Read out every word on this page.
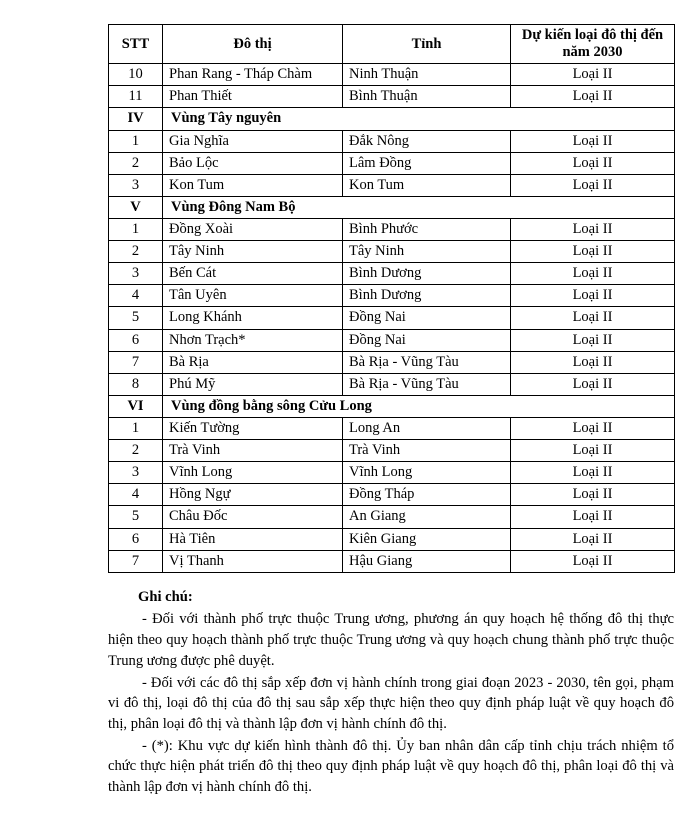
STT	Đô thị	Tỉnh	Dự kiến loại đô thị đến năm 2030
10	Phan Rang - Tháp Chàm	Ninh Thuận	Loại II
11	Phan Thiết	Bình Thuận	Loại II
IV	Vùng Tây nguyên		
1	Gia Nghĩa	Đắk Nông	Loại II
2	Bảo Lộc	Lâm Đồng	Loại II
3	Kon Tum	Kon Tum	Loại II
V	Vùng Đông Nam Bộ		
1	Đồng Xoài	Bình Phước	Loại II
2	Tây Ninh	Tây Ninh	Loại II
3	Bến Cát	Bình Dương	Loại II
4	Tân Uyên	Bình Dương	Loại II
5	Long Khánh	Đồng Nai	Loại II
6	Nhơn Trạch*	Đồng Nai	Loại II
7	Bà Rịa	Bà Rịa - Vũng Tàu	Loại II
8	Phú Mỹ	Bà Rịa - Vũng Tàu	Loại II
VI	Vùng đồng bằng sông Cửu Long		
1	Kiến Tường	Long An	Loại II
2	Trà Vinh	Trà Vinh	Loại II
3	Vĩnh Long	Vĩnh Long	Loại II
4	Hồng Ngự	Đồng Tháp	Loại II
5	Châu Đốc	An Giang	Loại II
6	Hà Tiên	Kiên Giang	Loại II
7	Vị Thanh	Hậu Giang	Loại II
Ghi chú:

- Đối với thành phố trực thuộc Trung ương, phương án quy hoạch hệ thống đô thị thực hiện theo quy hoạch thành phố trực thuộc Trung ương và quy hoạch chung thành phố trực thuộc Trung ương được phê duyệt.

- Đối với các đô thị sắp xếp đơn vị hành chính trong giai đoạn 2023 - 2030, tên gọi, phạm vi đô thị, loại đô thị của đô thị sau sắp xếp thực hiện theo quy định pháp luật về quy hoạch đô thị, phân loại đô thị và thành lập đơn vị hành chính đô thị.

- (*): Khu vực dự kiến hình thành đô thị. Ủy ban nhân dân cấp tỉnh chịu trách nhiệm tổ chức thực hiện phát triển đô thị theo quy định pháp luật về quy hoạch đô thị, phân loại đô thị và thành lập đơn vị hành chính đô thị.
